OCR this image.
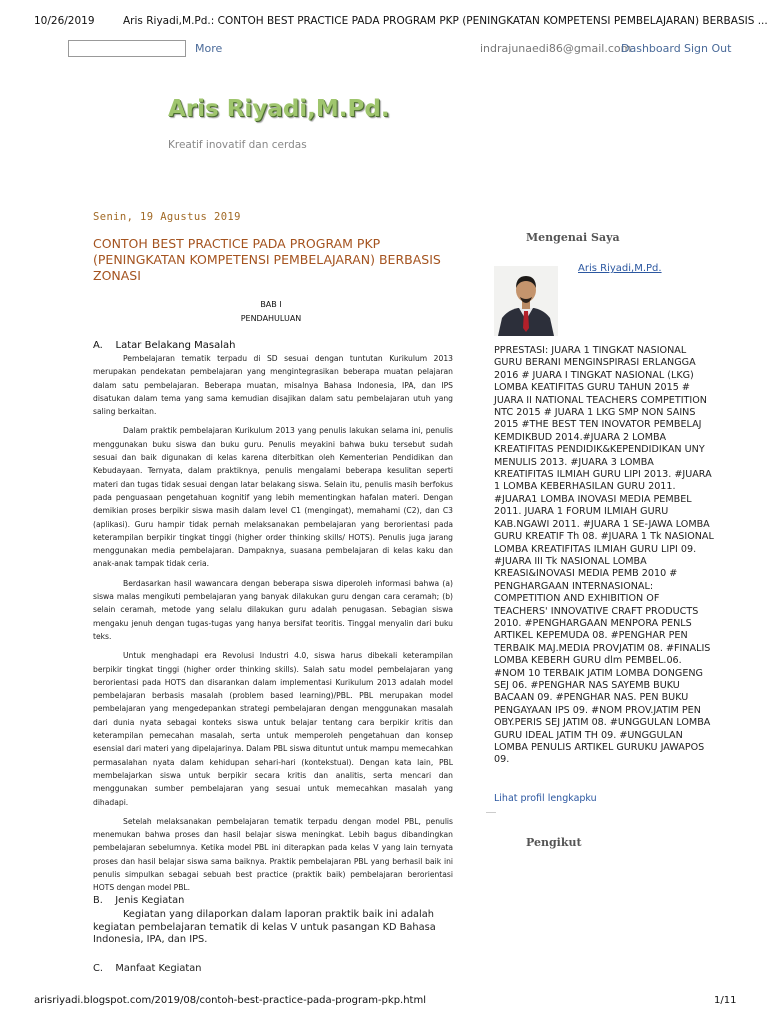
10/26/2019	Aris Riyadi,M.Pd.: CONTOH BEST PRACTICE PADA PROGRAM PKP (PENINGKATAN KOMPETENSI PEMBELAJARAN) BERBASIS ...
More	indrajunaedi86@gmail.com
Dashboard Sign Out
Aris Riyadi,M.Pd.
Kreatif inovatif dan cerdas
Senin, 19 Agustus 2019
CONTOH BEST PRACTICE PADA PROGRAM PKP (PENINGKATAN KOMPETENSI PEMBELAJARAN) BERBASIS ZONASI
BAB I
PENDAHULUAN
A.    Latar Belakang Masalah

Pembelajaran tematik terpadu di SD sesuai dengan tuntutan Kurikulum 2013 merupakan pendekatan pembelajaran yang mengintegrasikan beberapa muatan pelajaran dalam satu pembelajaran. Beberapa muatan, misalnya Bahasa Indonesia, IPA, dan IPS disatukan dalam tema yang sama kemudian disajikan dalam satu pembelajaran utuh yang saling berkaitan.

Dalam praktik pembelajaran Kurikulum 2013 yang penulis lakukan selama ini, penulis menggunakan buku siswa dan buku guru. Penulis meyakini bahwa buku tersebut sudah sesuai dan baik digunakan di kelas karena diterbitkan oleh Kementerian Pendidikan dan Kebudayaan. Ternyata, dalam praktiknya, penulis mengalami beberapa kesulitan seperti materi dan tugas tidak sesuai dengan latar belakang siswa. Selain itu, penulis masih berfokus pada penguasaan pengetahuan kognitif yang lebih mementingkan hafalan materi. Dengan demikian proses berpikir siswa masih dalam level C1 (mengingat), memahami (C2), dan C3 (aplikasi). Guru hampir tidak pernah melaksanakan pembelajaran yang berorientasi pada keterampilan berpikir tingkat tinggi (higher order thinking skills/ HOTS). Penulis juga jarang menggunakan media pembelajaran. Dampaknya, suasana pembelajaran di kelas kaku dan anak-anak tampak tidak ceria.

Berdasarkan hasil wawancara dengan beberapa siswa diperoleh informasi bahwa (a) siswa malas mengikuti pembelajaran yang banyak dilakukan guru dengan cara ceramah; (b) selain ceramah, metode yang selalu dilakukan guru adalah penugasan. Sebagian siswa mengaku jenuh dengan tugas-tugas yang hanya bersifat teoritis. Tinggal menyalin dari buku teks.

Untuk menghadapi era Revolusi Industri 4.0, siswa harus dibekali keterampilan berpikir tingkat tinggi (higher order thinking skills). Salah satu model pembelajaran yang berorientasi pada HOTS dan disarankan dalam implementasi Kurikulum 2013 adalah model pembelajaran berbasis masalah (problem based learning)/PBL. PBL merupakan model pembelajaran yang mengedepankan strategi pembelajaran dengan menggunakan masalah dari dunia nyata sebagai konteks siswa untuk belajar tentang cara berpikir kritis dan keterampilan pemecahan masalah, serta untuk memperoleh pengetahuan dan konsep esensial dari materi yang dipelajarinya. Dalam PBL siswa dituntut untuk mampu memecahkan permasalahan nyata dalam kehidupan sehari-hari (kontekstual). Dengan kata lain, PBL membelajarkan siswa untuk berpikir secara kritis dan analitis, serta mencari dan menggunakan sumber pembelajaran yang sesuai untuk memecahkan masalah yang dihadapi.

Setelah melaksanakan pembelajaran tematik terpadu dengan model PBL, penulis menemukan bahwa proses dan hasil belajar siswa meningkat. Lebih bagus dibandingkan pembelajaran sebelumnya. Ketika model PBL ini diterapkan pada kelas V yang lain ternyata proses dan hasil belajar siswa sama baiknya. Praktik pembelajaran PBL yang berhasil baik ini penulis simpulkan sebagai sebuah best practice (praktik baik) pembelajaran berorientasi HOTS dengan model PBL.

B.    Jenis Kegiatan
Kegiatan yang dilaporkan dalam laporan praktik baik ini adalah kegiatan pembelajaran tematik di kelas V untuk pasangan KD Bahasa Indonesia, IPA, dan IPS.
C.    Manfaat Kegiatan
Mengenai Saya
Aris Riyadi,M.Pd.
PPRESTASI: JUARA 1 TINGKAT NASIONAL GURU BERANI MENGINSPIRASI ERLANGGA 2016 # JUARA I TINGKAT NASIONAL (LKG) LOMBA KEATIFITAS GURU TAHUN 2015 # JUARA II NATIONAL TEACHERS COMPETITION NTC 2015 # JUARA 1 LKG SMP NON SAINS 2015 #THE BEST TEN INOVATOR PEMBELAJ KEMDIKBUD 2014.#JUARA 2 LOMBA KREATIFITAS PENDIDIK&KEPENDIDIKAN UNY MENULIS 2013. #JUARA 3 LOMBA KREATIFITAS ILMIAH GURU LIPI 2013. #JUARA 1 LOMBA KEBERHASILAN GURU 2011. #JUARA1 LOMBA INOVASI MEDIA PEMBEL 2011. JUARA 1 FORUM ILMIAH GURU KAB.NGAWI 2011. #JUARA 1 SE-JAWA LOMBA GURU KREATIF Th 08. #JUARA 1 Tk NASIONAL LOMBA KREATIFITAS ILMIAH GURU LIPI 09. #JUARA III Tk NASIONAL LOMBA KREASI&INOVASI MEDIA PEMB 2010 # PENGHARGAAN INTERNASIONAL: COMPETITION AND EXHIBITION OF TEACHERS' INNOVATIVE CRAFT PRODUCTS 2010. #PENGHARGAAN MENPORA PENLS ARTIKEL KEPEMUDA 08. #PENGHAR PEN TERBAIK MAJ.MEDIA PROVJATIM 08. #FINALIS LOMBA KEBERH GURU dlm PEMBEL.06. #NOM 10 TERBAIK JATIM LOMBA DONGENG SEJ 06. #PENGHAR NAS SAYEMB BUKU BACAAN 09. #PENGHAR NAS. PEN BUKU PENGAYAAN IPS 09. #NOM PROV.JATIM PEN OBY.PERIS SEJ JATIM 08. #UNGGULAN LOMBA GURU IDEAL JATIM TH 09. #UNGGULAN LOMBA PENULIS ARTIKEL GURUKU JAWAPOS 09.
Lihat profil lengkapku
Pengikut
arisriyadi.blogspot.com/2019/08/contoh-best-practice-pada-program-pkp.html	1/11
